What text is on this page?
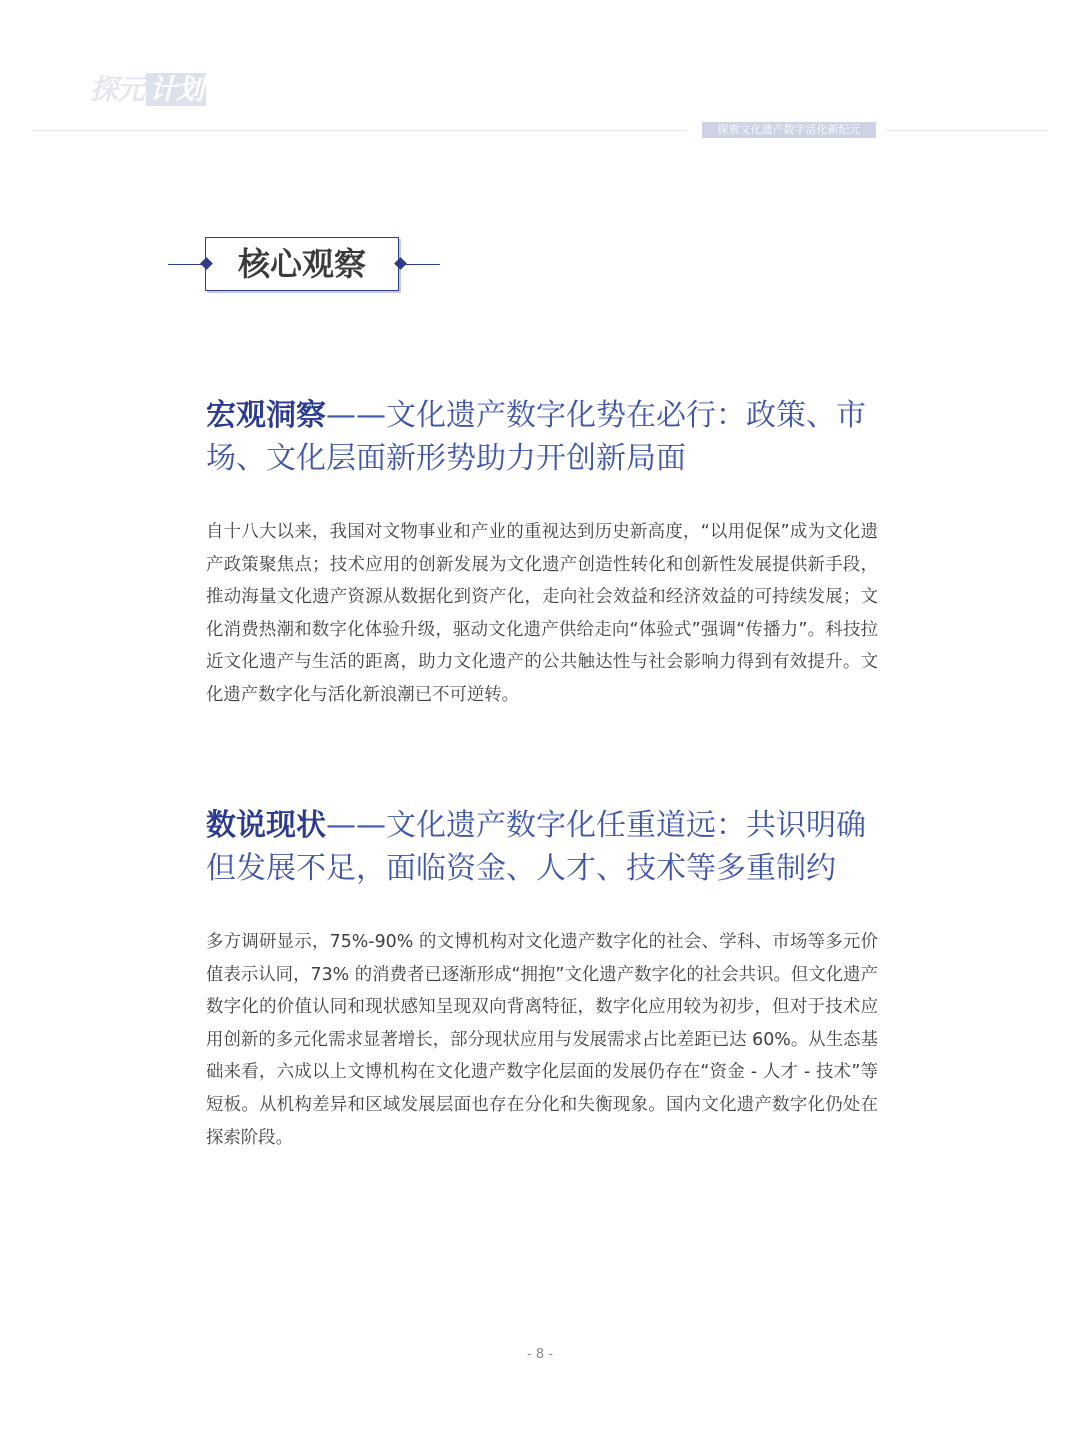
探元 计划
探索文化遗产数字活化新纪元
核心观察
宏观洞察——文化遗产数字化势在必行：政策、市场、文化层面新形势助力开创新局面

自十八大以来，我国对文物事业和产业的重视达到历史新高度，“以用促保”成为文化遗产政策聚焦点；技术应用的创新发展为文化遗产创造性转化和创新性发展提供新手段，推动海量文化遗产资源从数据化到资产化，走向社会效益和经济效益的可持续发展；文化消费热潮和数字化体验升级，驱动文化遗产供给走向“体验式”强调“传播力”。科技拉近文化遗产与生活的距离，助力文化遗产的公共触达性与社会影响力得到有效提升。文化遗产数字化与活化新浪潮已不可逆转。

数说现状——文化遗产数字化任重道远：共识明确但发展不足，面临资金、人才、技术等多重制约

多方调研显示，75%-90% 的文博机构对文化遗产数字化的社会、学科、市场等多元价值表示认同，73% 的消费者已逐渐形成“拥抱”文化遗产数字化的社会共识。但文化遗产数字化的价值认同和现状感知呈现双向背离特征，数字化应用较为初步，但对于技术应用创新的多元化需求显著增长，部分现状应用与发展需求占比差距已达 60%。从生态基础来看，六成以上文博机构在文化遗产数字化层面的发展仍存在“资金 - 人才 - 技术”等短板。从机构差异和区域发展层面也存在分化和失衡现象。国内文化遗产数字化仍处在探索阶段。

- 8 -
